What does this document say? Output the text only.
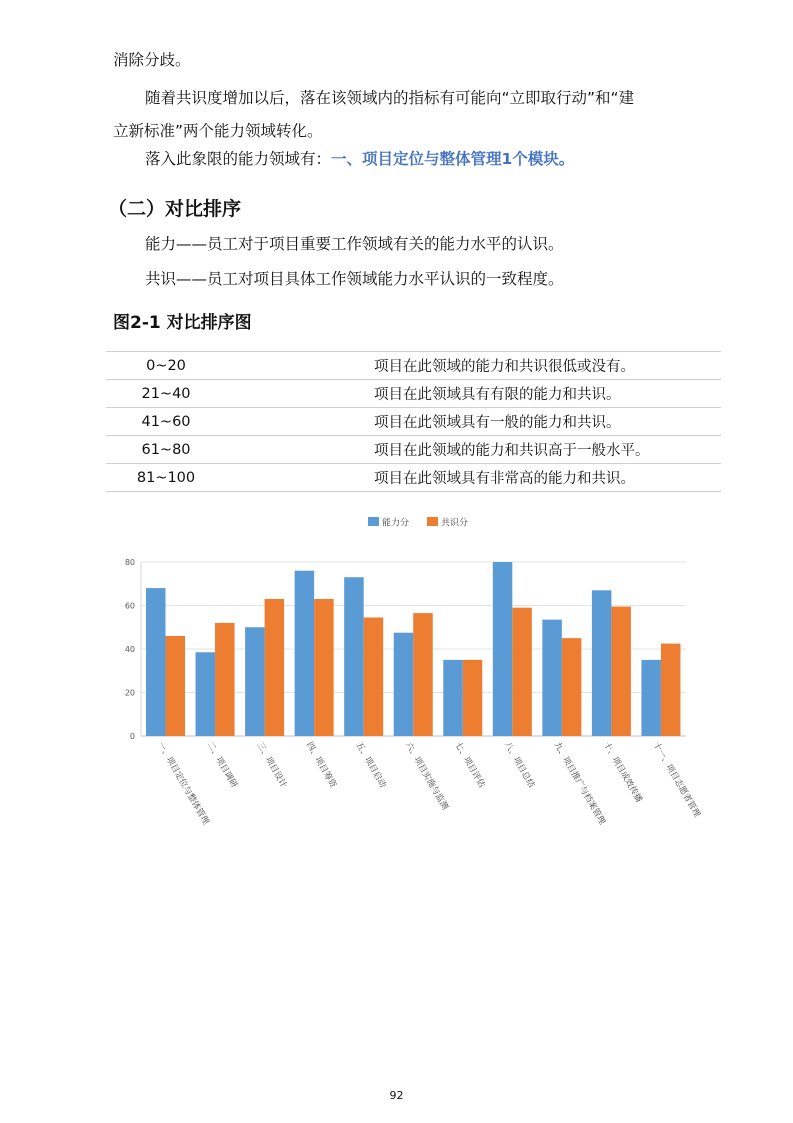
消除分歧。
随着共识度增加以后，落在该领域内的指标有可能向“立即取行动”和“建
立新标准”两个能力领域转化。
落入此象限的能力领域有：一、项目定位与整体管理1个模块。
（二）对比排序
能力——员工对于项目重要工作领域有关的能力水平的认识。
共识——员工对项目具体工作领域能力水平认识的一致程度。
图2-1 对比排序图
0~20	项目在此领域的能力和共识很低或没有。
21~40	项目在此领域具有有限的能力和共识。
41~60	项目在此领域具有一般的能力和共识。
61~80	项目在此领域的能力和共识高于一般水平。
81~100	项目在此领域具有非常高的能力和共识。
0
20
40
60
80
一、项目定位与整体管理
二、项目调研 三、项目设计 四、项目筹资 五、项目启动 六、项目实施与监测 七、项目评估 八、项目总结 九、项目推广与档案管理
十、项目成效传播 十一、项目志愿者管理
能力分	共识分
92
